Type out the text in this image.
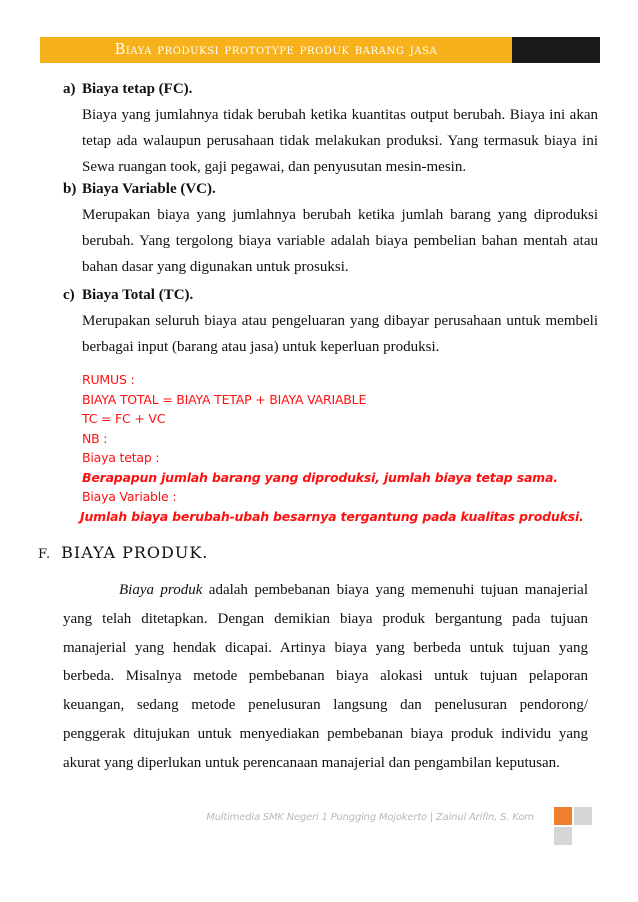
Biaya produksi prototype produk barang jasa
a) Biaya tetap (FC).
Biaya yang jumlahnya tidak berubah ketika kuantitas output berubah. Biaya ini akan tetap ada walaupun perusahaan tidak melakukan produksi. Yang termasuk biaya ini Sewa ruangan took, gaji pegawai, dan penyusutan mesin-mesin.
b) Biaya Variable (VC).
Merupakan biaya yang jumlahnya berubah ketika jumlah barang yang diproduksi berubah. Yang tergolong biaya variable adalah biaya pembelian bahan mentah atau bahan dasar yang digunakan untuk prosuksi.
c) Biaya Total (TC).
Merupakan seluruh biaya atau pengeluaran yang dibayar perusahaan untuk membeli berbagai input (barang atau jasa) untuk keperluan produksi.
RUMUS :
BIAYA TOTAL = BIAYA TETAP + BIAYA VARIABLE
TC = FC + VC
NB :
Biaya tetap :
Berapapun jumlah barang yang diproduksi, jumlah biaya tetap sama.
Biaya Variable :
Jumlah biaya berubah-ubah besarnya tergantung pada kualitas produksi.
F. BIAYA PRODUK.
Biaya produk adalah pembebanan biaya yang memenuhi tujuan manajerial yang telah ditetapkan. Dengan demikian biaya produk bergantung pada tujuan manajerial yang hendak dicapai. Artinya biaya yang berbeda untuk tujuan yang berbeda. Misalnya metode pembebanan biaya alokasi untuk tujuan pelaporan keuangan, sedang metode penelusuran langsung dan penelusuran pendorong/ penggerak ditujukan untuk menyediakan pembebanan biaya produk individu yang akurat yang diperlukan untuk perencanaan manajerial dan pengambilan keputusan.
Multimedia SMK Negeri 1 Pungging Mojokerto | Zainul Arifin, S. Kom
